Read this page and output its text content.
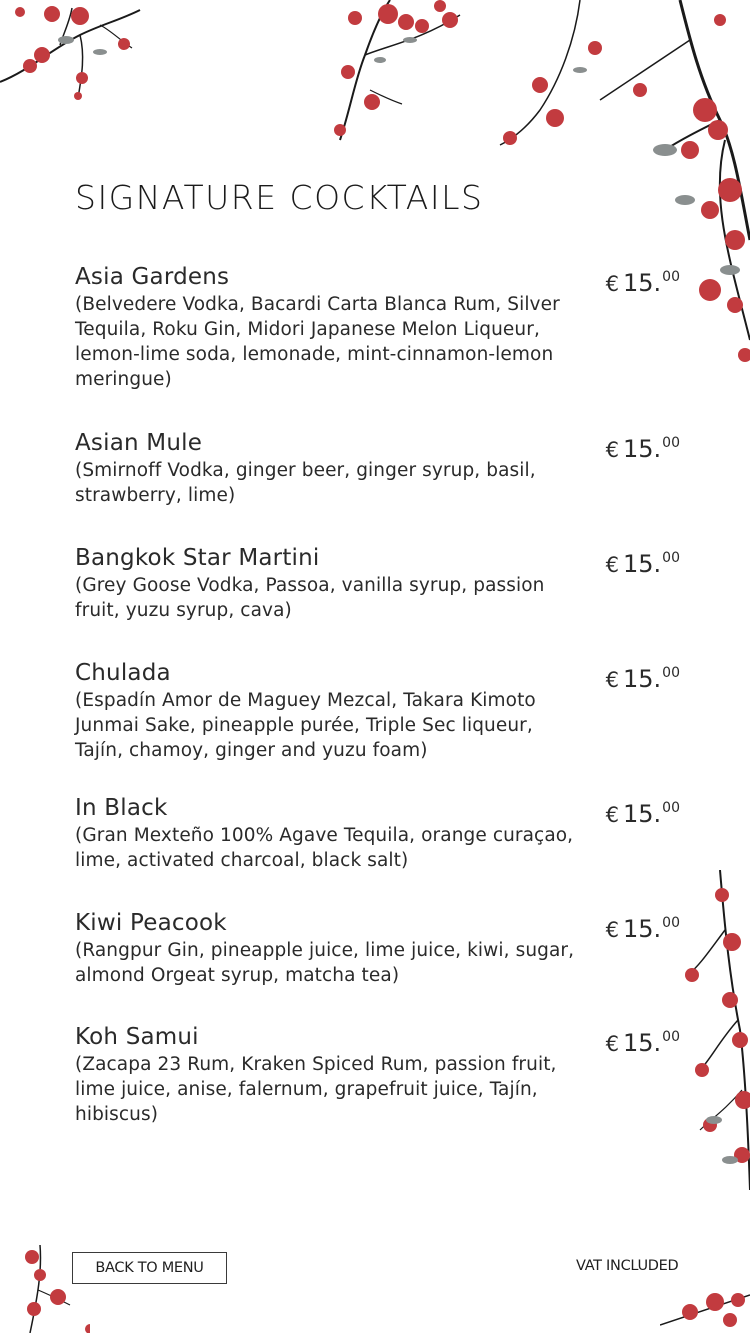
SIGNATURE COCKTAILS
Asia Gardens
(Belvedere Vodka, Bacardi Carta Blanca Rum, Silver Tequila, Roku Gin, Midori Japanese Melon Liqueur, lemon-lime soda, lemonade, mint-cinnamon-lemon meringue)
€ 15.00
Asian Mule
(Smirnoff Vodka, ginger beer, ginger syrup, basil, strawberry, lime)
€ 15.00
Bangkok Star Martini
(Grey Goose Vodka, Passoa, vanilla syrup, passion fruit, yuzu syrup, cava)
€ 15.00
Chulada
(Espadín Amor de Maguey Mezcal, Takara Kimoto Junmai Sake, pineapple purée, Triple Sec liqueur, Tajín, chamoy, ginger and yuzu foam)
€ 15.00
In Black
(Gran Mexteño 100% Agave Tequila, orange curaçao, lime, activated charcoal, black salt)
€ 15.00
Kiwi Peacook
(Rangpur Gin, pineapple juice, lime juice, kiwi, sugar, almond Orgeat syrup, matcha tea)
€ 15.00
Koh Samui
(Zacapa 23 Rum, Kraken Spiced Rum, passion fruit, lime juice, anise, falernum, grapefruit juice, Tajín, hibiscus)
€ 15.00
BACK TO MENU	VAT INCLUDED
